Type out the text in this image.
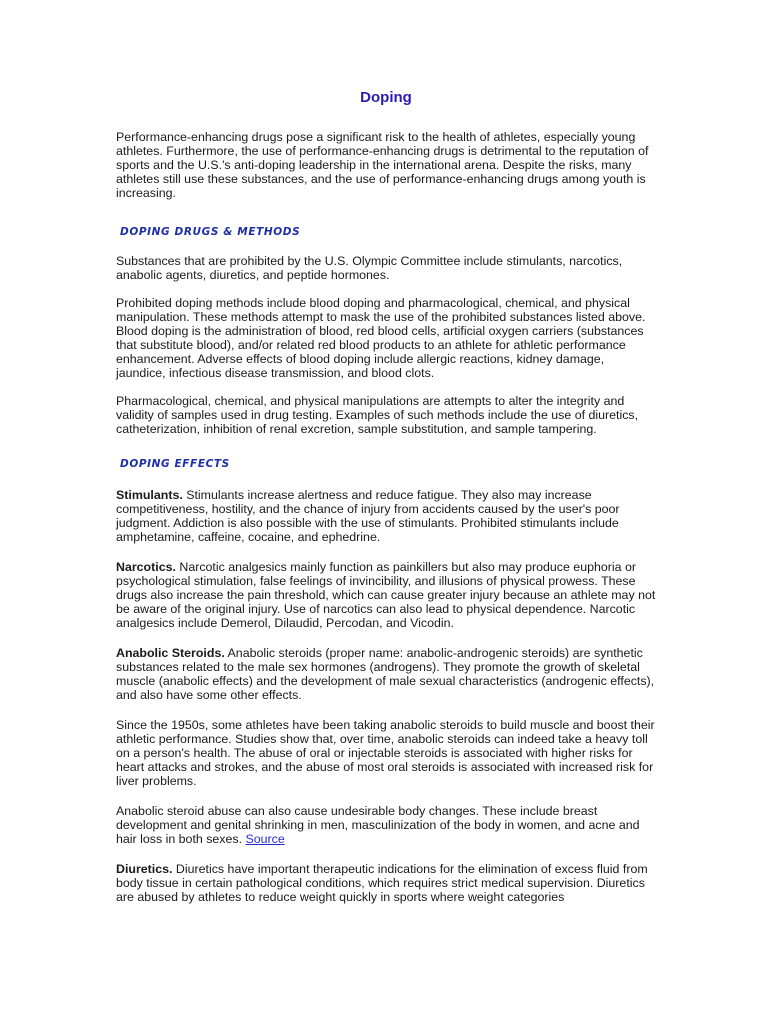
Doping

Performance-enhancing drugs pose a significant risk to the health of athletes, especially young athletes. Furthermore, the use of performance-enhancing drugs is detrimental to the reputation of sports and the U.S.'s anti-doping leadership in the international arena. Despite the risks, many athletes still use these substances, and the use of performance-enhancing drugs among youth is increasing.

DOPING DRUGS & METHODS

Substances that are prohibited by the U.S. Olympic Committee include stimulants, narcotics, anabolic agents, diuretics, and peptide hormones.

Prohibited doping methods include blood doping and pharmacological, chemical, and physical manipulation. These methods attempt to mask the use of the prohibited substances listed above. Blood doping is the administration of blood, red blood cells, artificial oxygen carriers (substances that substitute blood), and/or related red blood products to an athlete for athletic performance enhancement. Adverse effects of blood doping include allergic reactions, kidney damage, jaundice, infectious disease transmission, and blood clots.

Pharmacological, chemical, and physical manipulations are attempts to alter the integrity and validity of samples used in drug testing. Examples of such methods include the use of diuretics, catheterization, inhibition of renal excretion, sample substitution, and sample tampering.

DOPING EFFECTS

Stimulants. Stimulants increase alertness and reduce fatigue. They also may increase competitiveness, hostility, and the chance of injury from accidents caused by the user's poor judgment. Addiction is also possible with the use of stimulants. Prohibited stimulants include amphetamine, caffeine, cocaine, and ephedrine.

Narcotics. Narcotic analgesics mainly function as painkillers but also may produce euphoria or psychological stimulation, false feelings of invincibility, and illusions of physical prowess. These drugs also increase the pain threshold, which can cause greater injury because an athlete may not be aware of the original injury. Use of narcotics can also lead to physical dependence. Narcotic analgesics include Demerol, Dilaudid, Percodan, and Vicodin.

Anabolic Steroids. Anabolic steroids (proper name: anabolic-androgenic steroids) are synthetic substances related to the male sex hormones (androgens). They promote the growth of skeletal muscle (anabolic effects) and the development of male sexual characteristics (androgenic effects), and also have some other effects.

Since the 1950s, some athletes have been taking anabolic steroids to build muscle and boost their athletic performance. Studies show that, over time, anabolic steroids can indeed take a heavy toll on a person's health. The abuse of oral or injectable steroids is associated with higher risks for heart attacks and strokes, and the abuse of most oral steroids is associated with increased risk for liver problems.

Anabolic steroid abuse can also cause undesirable body changes. These include breast development and genital shrinking in men, masculinization of the body in women, and acne and hair loss in both sexes. Source

Diuretics. Diuretics have important therapeutic indications for the elimination of excess fluid from body tissue in certain pathological conditions, which requires strict medical supervision. Diuretics are abused by athletes to reduce weight quickly in sports where weight categories
